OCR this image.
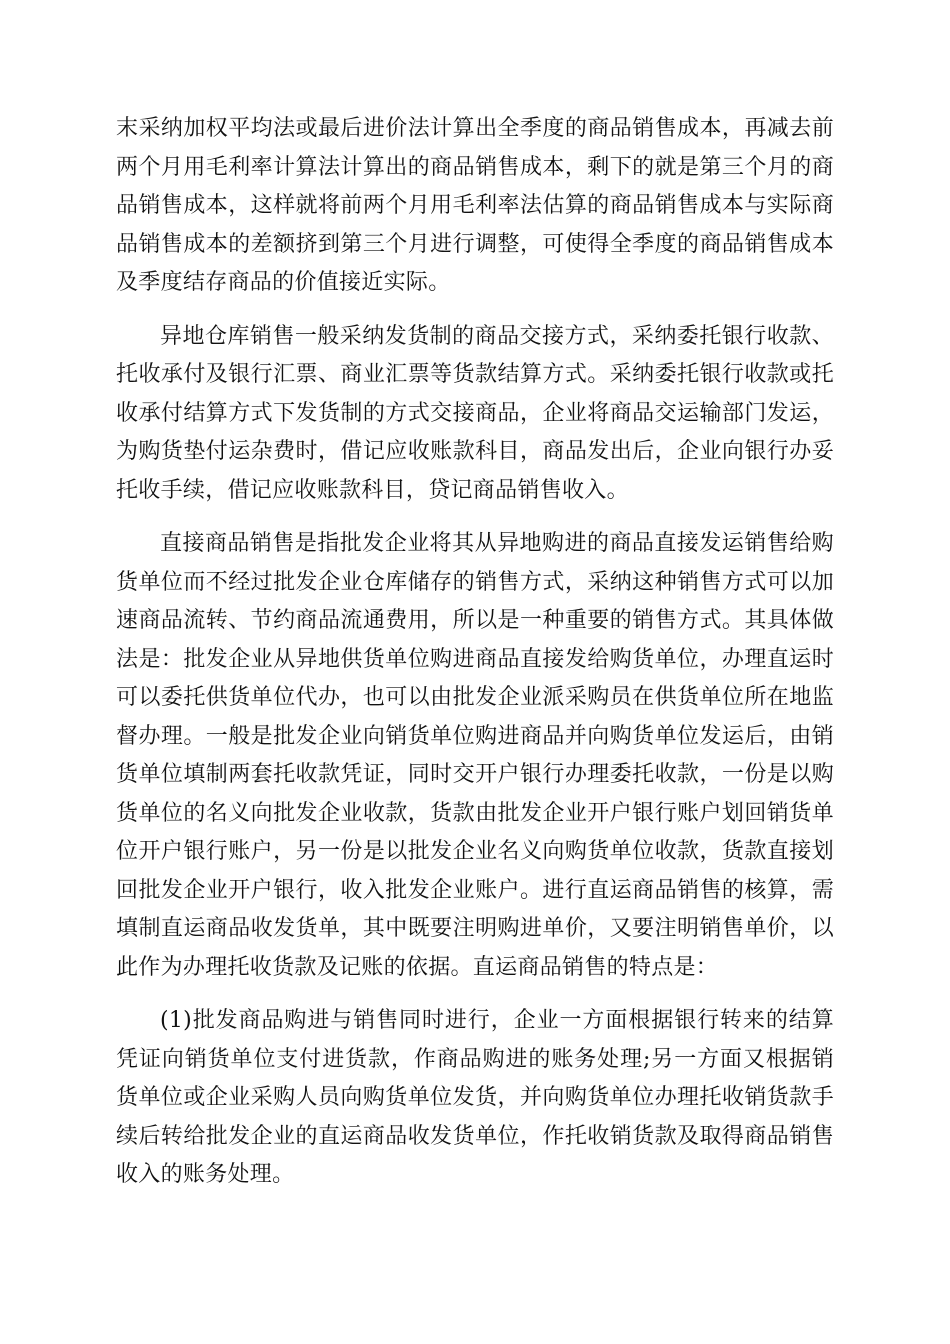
末采纳加权平均法或最后进价法计算出全季度的商品销售成本，再减去前两个月用毛利率计算法计算出的商品销售成本，剩下的就是第三个月的商品销售成本，这样就将前两个月用毛利率法估算的商品销售成本与实际商品销售成本的差额挤到第三个月进行调整，可使得全季度的商品销售成本及季度结存商品的价值接近实际。

异地仓库销售一般采纳发货制的商品交接方式，采纳委托银行收款、托收承付及银行汇票、商业汇票等货款结算方式。采纳委托银行收款或托收承付结算方式下发货制的方式交接商品，企业将商品交运输部门发运，为购货垫付运杂费时，借记应收账款科目，商品发出后，企业向银行办妥托收手续，借记应收账款科目，贷记商品销售收入。

直接商品销售是指批发企业将其从异地购进的商品直接发运销售给购货单位而不经过批发企业仓库储存的销售方式，采纳这种销售方式可以加速商品流转、节约商品流通费用，所以是一种重要的销售方式。其具体做法是：批发企业从异地供货单位购进商品直接发给购货单位，办理直运时可以委托供货单位代办，也可以由批发企业派采购员在供货单位所在地监督办理。一般是批发企业向销货单位购进商品并向购货单位发运后，由销货单位填制两套托收款凭证，同时交开户银行办理委托收款，一份是以购货单位的名义向批发企业收款，货款由批发企业开户银行账户划回销货单位开户银行账户，另一份是以批发企业名义向购货单位收款，货款直接划回批发企业开户银行，收入批发企业账户。进行直运商品销售的核算，需填制直运商品收发货单，其中既要注明购进单价，又要注明销售单价，以此作为办理托收货款及记账的依据。直运商品销售的特点是：

(1)批发商品购进与销售同时进行，企业一方面根据银行转来的结算凭证向销货单位支付进货款，作商品购进的账务处理;另一方面又根据销货单位或企业采购人员向购货单位发货，并向购货单位办理托收销货款手续后转给批发企业的直运商品收发货单位，作托收销货款及取得商品销售收入的账务处理。
